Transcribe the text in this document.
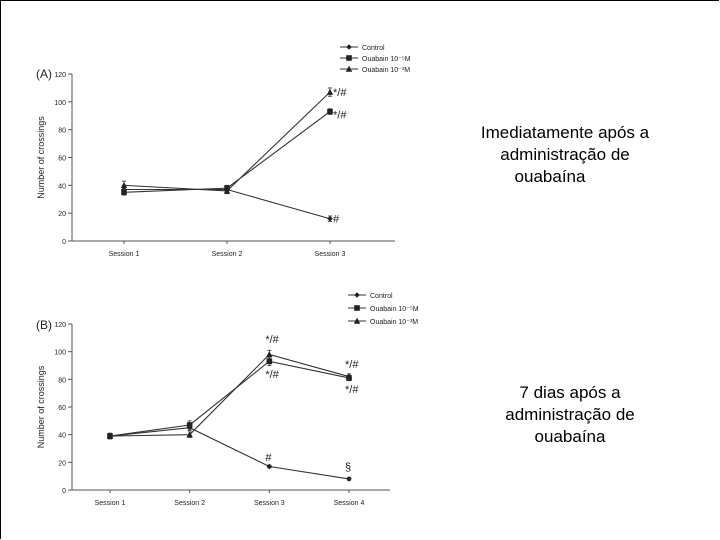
(A)
0
20
40
60
80
100
120
Number of crossings
Session 1	Session 2	Session 3
*/#
*/#
#
Control
Ouabain 10⁻⁵M
Ouabain 10⁻³M
(B)
0
20
40
60
80
100
120
Number of crossings
Session 1	Session 2	Session 3	Session 4
*/#
*/#
*/#
*/#
#
§
Control
Ouabain 10⁻⁵M
Ouabain 10⁻³M
Imediatamente após a
administração de
ouabaína
7 dias após a
administração de
ouabaína
